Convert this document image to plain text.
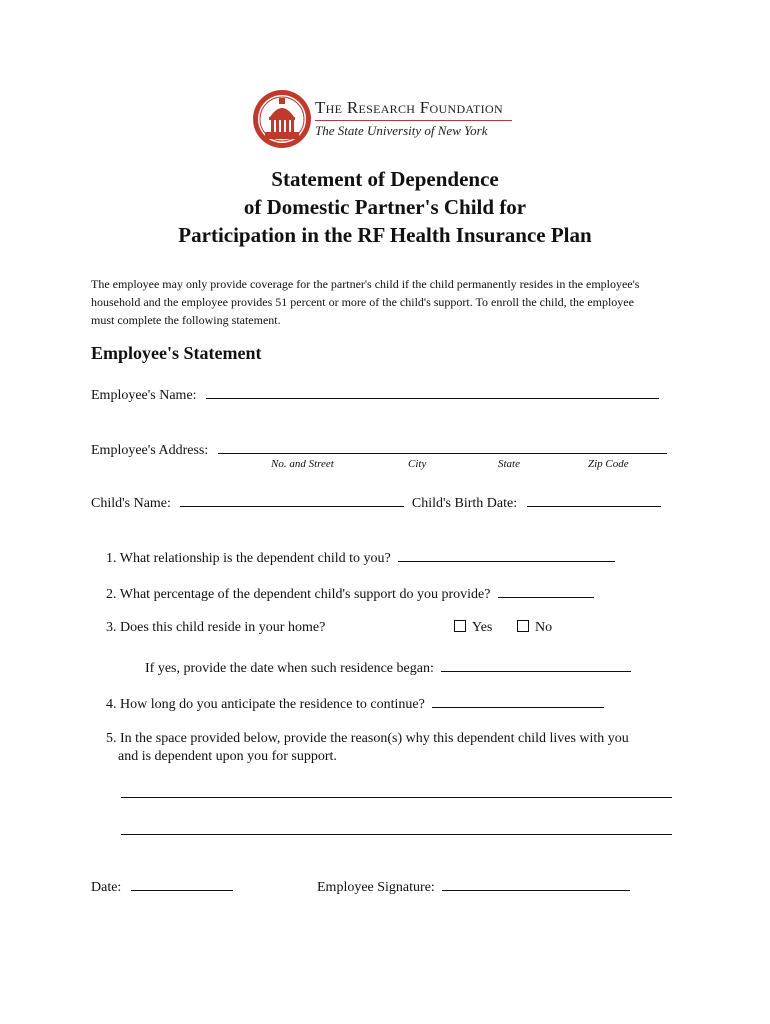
The Research Foundation
The State University of New York
Statement of Dependence
of Domestic Partner's Child for
Participation in the RF Health Insurance Plan
The employee may only provide coverage for the partner's child if the child permanently resides in the employee's
household and the employee provides 51 percent or more of the child's support. To enroll the child, the employee
must complete the following statement.
Employee's Statement
Employee's Name:
Employee's Address:
No. and Street	City	State	Zip Code
Child's Name:	Child's Birth Date:
1. What relationship is the dependent child to you?
2. What percentage of the dependent child's support do you provide?
3. Does this child reside in your home?	Yes	No
If yes, provide the date when such residence began:
4. How long do you anticipate the residence to continue?
5. In the space provided below, provide the reason(s) why this dependent child lives with you
and is dependent upon you for support.
Date:	Employee Signature:
